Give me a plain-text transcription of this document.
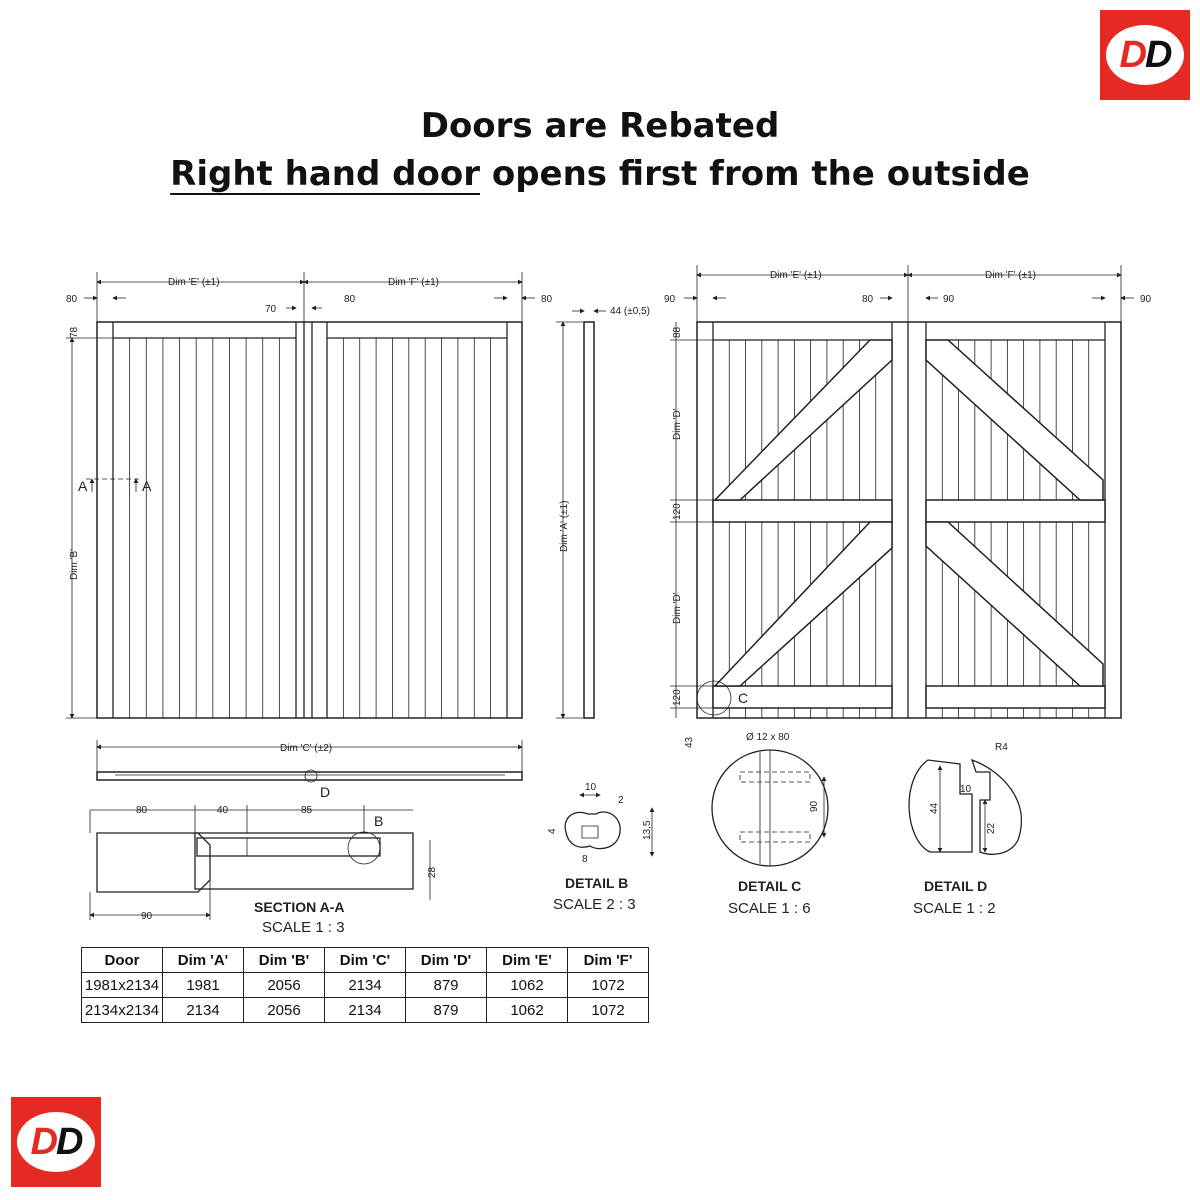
D D
D D
Doors are Rebated
Right hand door opens first from the outside
Dim 'E' (±1)	Dim 'F' (±1)
80
70
80	80
78
Dim 'B'
A	A
Dim 'C' (±2)
D
Dim 'A' (±1)
44 (±0,5)
Dim 'E' (±1)	Dim 'F' (±1)
90	80	90	90
88
Dim 'D'
120
Dim 'D'
120
43
C
80	40	85
B
90
28
SECTION A-A
SCALE 1 : 3
10
2
4	13,5
8
DETAIL B
SCALE 2 : 3
90
Ø 12 x 80
DETAIL C
SCALE 1 : 6
44
R4
10
22
DETAIL D
SCALE 1 : 2
Door	Dim 'A'	Dim 'B'	Dim 'C'	Dim 'D'	Dim 'E'	Dim 'F'
1981x2134	1981	2056	2134	879	1062	1072
2134x2134	2134	2056	2134	879	1062	1072
